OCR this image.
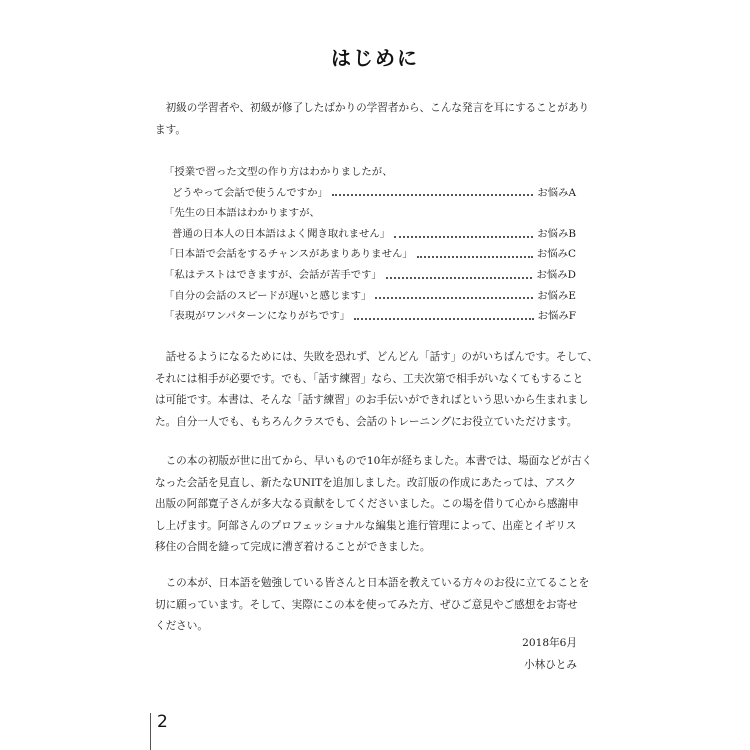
はじめに

初級の学習者や、初級が修了したばかりの学習者から、こんな発言を耳にすることがあり
ます。

「授業で習った文型の作り方はわかりましたが、
どうやって会話で使うんですか」	お悩みA
「先生の日本語はわかりますが、
普通の日本人の日本語はよく聞き取れません」	お悩みB
「日本語で会話をするチャンスがあまりありません」	お悩みC
「私はテストはできますが、会話が苦手です」	お悩みD
「自分の会話のスピードが遅いと感じます」	お悩みE
「表現がワンパターンになりがちです」	お悩みF

話せるようになるためには、失敗を恐れず、どんどん「話す」のがいちばんです。そして、
それには相手が必要です。でも、「話す練習」なら、工夫次第で相手がいなくてもすること
は可能です。本書は、そんな「話す練習」のお手伝いができればという思いから生まれまし
た。自分一人でも、もちろんクラスでも、会話のトレーニングにお役立ていただけます。

この本の初版が世に出てから、早いもので10年が経ちました。本書では、場面などが古く
なった会話を見直し、新たなUNITを追加しました。改訂版の作成にあたっては、アスク
出版の阿部寛子さんが多大なる貢献をしてくださいました。この場を借りて心から感謝申
し上げます。阿部さんのプロフェッショナルな編集と進行管理によって、出産とイギリス
移住の合間を縫って完成に漕ぎ着けることができました。

この本が、日本語を勉強している皆さんと日本語を教えている方々のお役に立てることを
切に願っています。そして、実際にこの本を使ってみた方、ぜひご意見やご感想をお寄せ
ください。

2018年6月
小林ひとみ
2
